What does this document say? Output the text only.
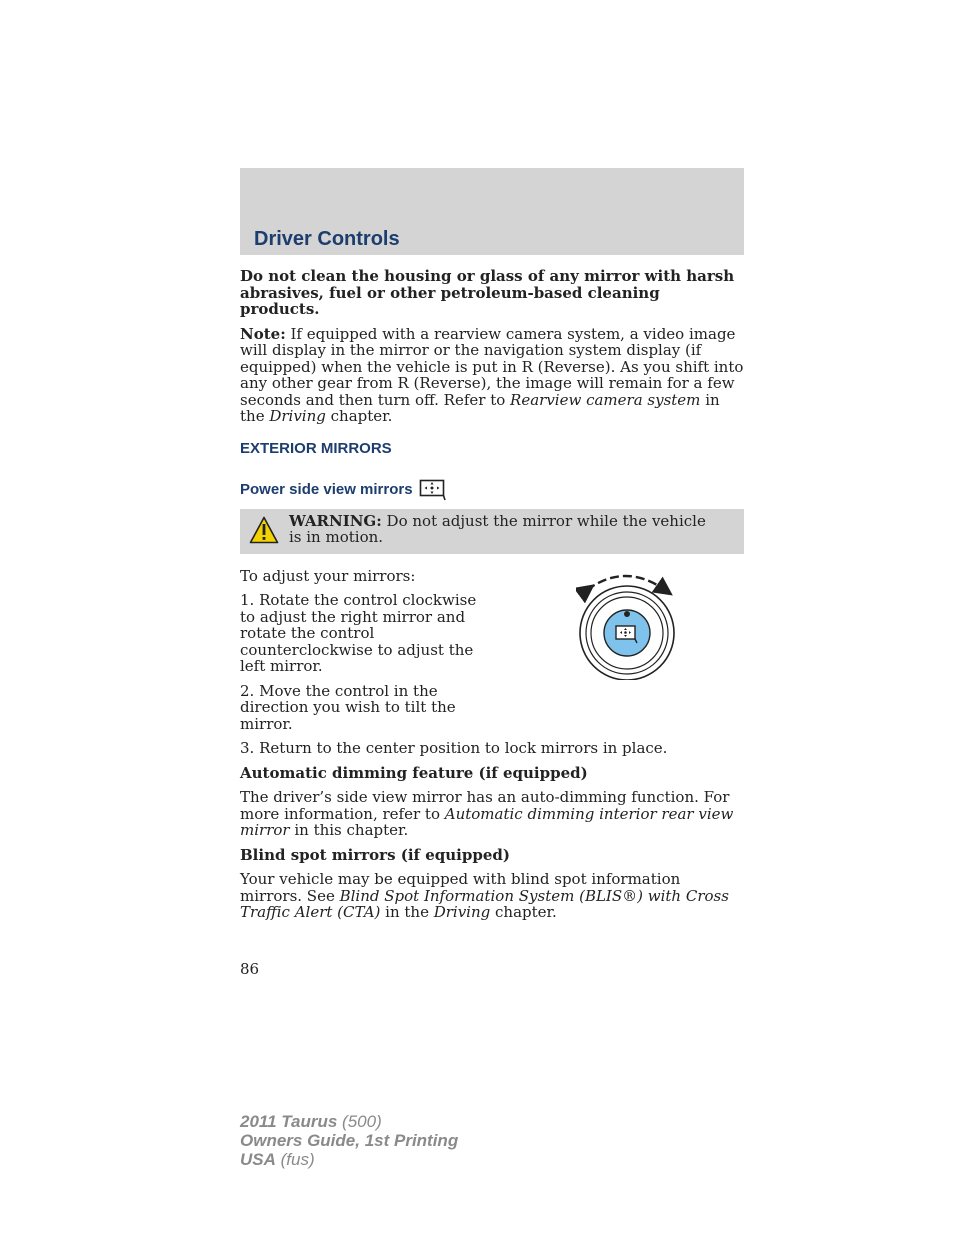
Driver Controls

Do not clean the housing or glass of any mirror with harsh abrasives, fuel or other petroleum-based cleaning products.

Note: If equipped with a rearview camera system, a video image will display in the mirror or the navigation system display (if equipped) when the vehicle is put in R (Reverse). As you shift into any other gear from R (Reverse), the image will remain for a few seconds and then turn off. Refer to Rearview camera system in the Driving chapter.

EXTERIOR MIRRORS
Power side view mirrors
WARNING: Do not adjust the mirror while the vehicle is in motion.

To adjust your mirrors:

1. Rotate the control clockwise to adjust the right mirror and rotate the control counterclockwise to adjust the left mirror.

2. Move the control in the direction you wish to tilt the mirror.

3. Return to the center position to lock mirrors in place.

Automatic dimming feature (if equipped)

The driver’s side view mirror has an auto-dimming function. For more information, refer to Automatic dimming interior rear view mirror in this chapter.

Blind spot mirrors (if equipped)

Your vehicle may be equipped with blind spot information mirrors. See Blind Spot Information System (BLIS®) with Cross Traffic Alert (CTA) in the Driving chapter.

86
2011 Taurus (500)
Owners Guide, 1st Printing
USA (fus)
